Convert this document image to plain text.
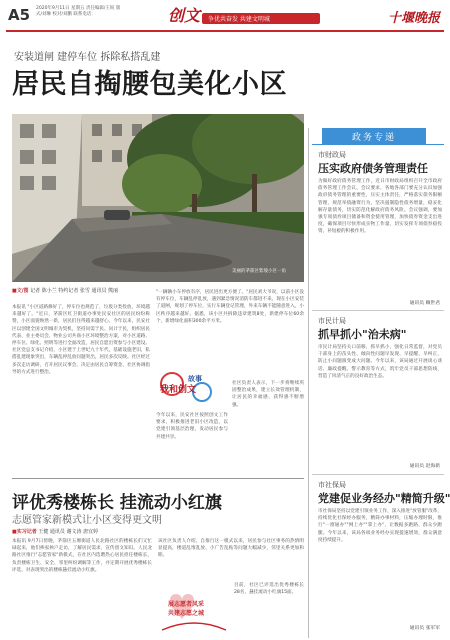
A5 2020年9月11日 星期五 责任编辑/王锐 版式/刘琳 校对/刘鹏 联系电话：	创文 争优共奋发 共建文明城	十堰晚报
安装道闸 建停车位 拆除私搭乱建
居民自掏腰包美化小区
美丽的茅箭区紫坡小区一角
■文/图 记者 陈小兰 特约记者 张雪 通讯员 熊丽
本报讯 "小区道路修好了，停车位也规范了，垃圾分类投放，环境越来越好了。"近日，茅箭区红卫街道办事处民安社区的居民纷纷称赞，小区面貌焕然一新，居民们住得越来越舒心。今年以来，民安社区以创建全国文明城市为契机，坚持问需于民、问计于民，组织居民代表、业主委员会、物业公司共商小区环境整治方案，对小区道路、停车位、绿化、照明等进行全面改造，居民自愿出资参与小区建设。社区党总支书记介绍，小区建于上世纪九十年代，基础设施老旧，私搭乱建现象突出，车辆乱停乱放问题突出，居民多次反映。社区经过多次走访调研，召开居民议事会，决定由居民自筹资金、社区协调指导的方式进行整治。
"一辆辆小车停放有序，居民进出更方便了。"居民刘大爷说，以前小区没有停车位，车辆乱停乱放，遇到紧急情况消防车都进不来。现在小区安装了道闸，规划了停车位，实行车辆登记管理，外来车辆不能随意进入，小区秩序越来越好。据悉，该小区共拆除违章建筑8处，新建停车位60余个，新增绿化面积300余平方米。
我和创文
故事
社区负责人表示，下一步将继续巩固整治成果，建立长效管理机制，让居民的幸福感、获得感不断增强。
今年以来，民安社区按照创文工作要求，积极推进老旧小区改造，以党建引领基层治理，发动居民参与共建共享。
评优秀楼栋长 挂流动小红旗
志愿管家新模式让小区变得更文明
■实习记者 王健 通讯员 谢文涛 唐宜婷
本报讯 9月7日傍晚，茅箭区五堰街道人民北路社区的楼栋长们又忙碌起来，他们挨家挨户走访，了解居民需求，宣传创文知识。人民北路社区推行"志愿管家"新模式，在社区内选聘热心居民担任楼栋长，负责楼栋卫生、安全、邻里纠纷调解等工作，并定期开展优秀楼栋长评选，对表现突出的楼栋悬挂流动小红旗。
该社区负责人介绍，自推行这一模式以来，居民参与社区事务的热情明显提高，楼道乱堆乱放、小广告乱贴等问题大幅减少，邻里关系更加和睦。
展志愿者风采
共建志愿之城
目前，社区已评选出优秀楼栋长28名，悬挂流动小红旗15面。
政务专递
市财政局
压实政府债务管理责任
为做好政府债务管理工作，近日市财政局组织召开全市政府债务管理工作会议。会议要求，各地各部门要充分认识加强政府债务管理的重要性，压实主体责任，严格落实债务限额管理，规范举债融资行为，坚决遏制隐性债务增量，稳妥化解存量债务，切实防范化解政府债务风险。会议强调，要加强专项债券项目储备和资金使用管理，加快债券资金支出进度，确保项目尽快形成实物工作量，切实发挥专项债券稳投资、补短板的积极作用。
通讯员 赖世君
市民计局
抓早抓小"治未病"
市民计局坚持关口前移，抓早抓小，强化日常监督，对党员干部身上的苗头性、倾向性问题早发现、早提醒、早纠正，防止小问题演变成大问题。今年以来，该局通过开展谈心谈话、廉政提醒、警示教育等方式，筑牢党员干部思想防线，营造了风清气正的良好政治生态。
通讯员 赵海新
市社保局
党建促业务经办"精简升级"
市社保局坚持以党建引领业务工作，深入推进"放管服"改革，持续优化社保经办服务，精简办事材料，压缩办理时限，推行"一窗通办""网上办""掌上办"，让数据多跑路、群众少跑腿。今年以来，该局各项业务经办实现提速增效，群众满意度持续提升。
通讯员 张军军
